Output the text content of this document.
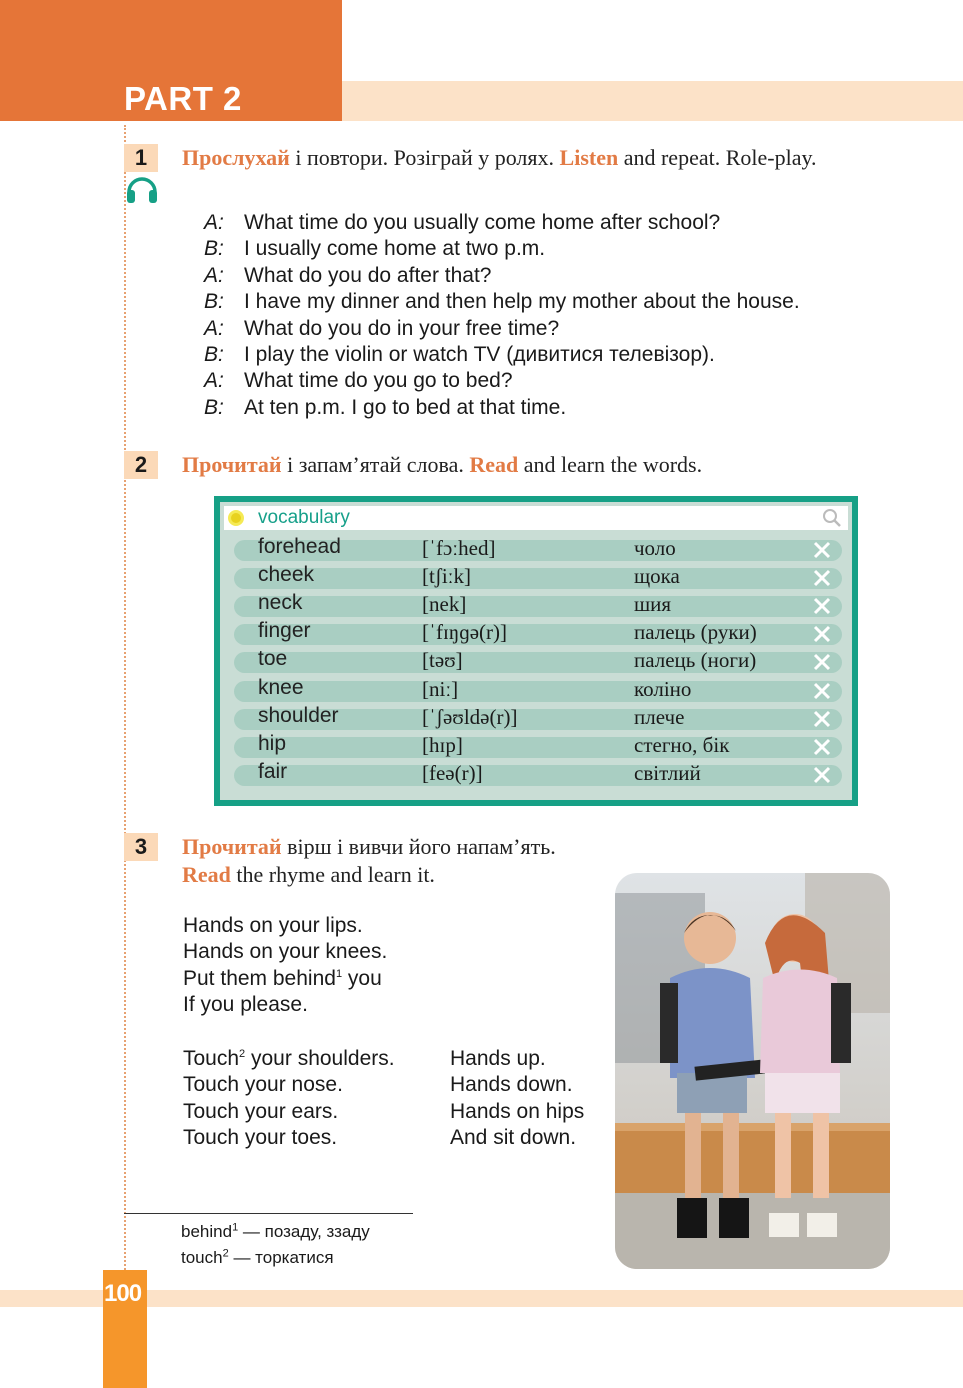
PART 2
1	Прослухай і повтори. Розіграй у ролях. Listen and repeat. Role-play.
A: What time do you usually come home after school?
B: I usually come home at two p.m.
A: What do you do after that?
B: I have my dinner and then help my mother about the house.
A: What do you do in your free time?
B: I play the violin or watch TV (дивитися телевізор).
A: What time do you go to bed?
B: At ten p.m. I go to bed at that time.
2	Прочитай і запам’ятай слова. Read and learn the words.
vocabulary
forehead	[ˈfɔːhed]	чоло
cheek	[tʃiːk]	щока
neck	[nek]	шия
finger	[ˈfɪŋɡə(r)]	палець (руки)
toe	[təʊ]	палець (ноги)
knee	[niː]	коліно
shoulder	[ˈʃəʊldə(r)]	плече
hip	[hɪp]	стегно, бік
fair	[feə(r)]	світлий
3	Прочитай вірш і вивчи його напам’ять.
Read the rhyme and learn it.
Hands on your lips.
Hands on your knees.
Put them behind$^1$ you
If you please.
Touch$^2$ your shoulders.
Touch your nose.
Touch your ears.
Touch your toes.
Hands up.
Hands down.
Hands on hips
And sit down.
behind$^1$ — позаду, ззаду
touch$^2$ — торкатися
100
